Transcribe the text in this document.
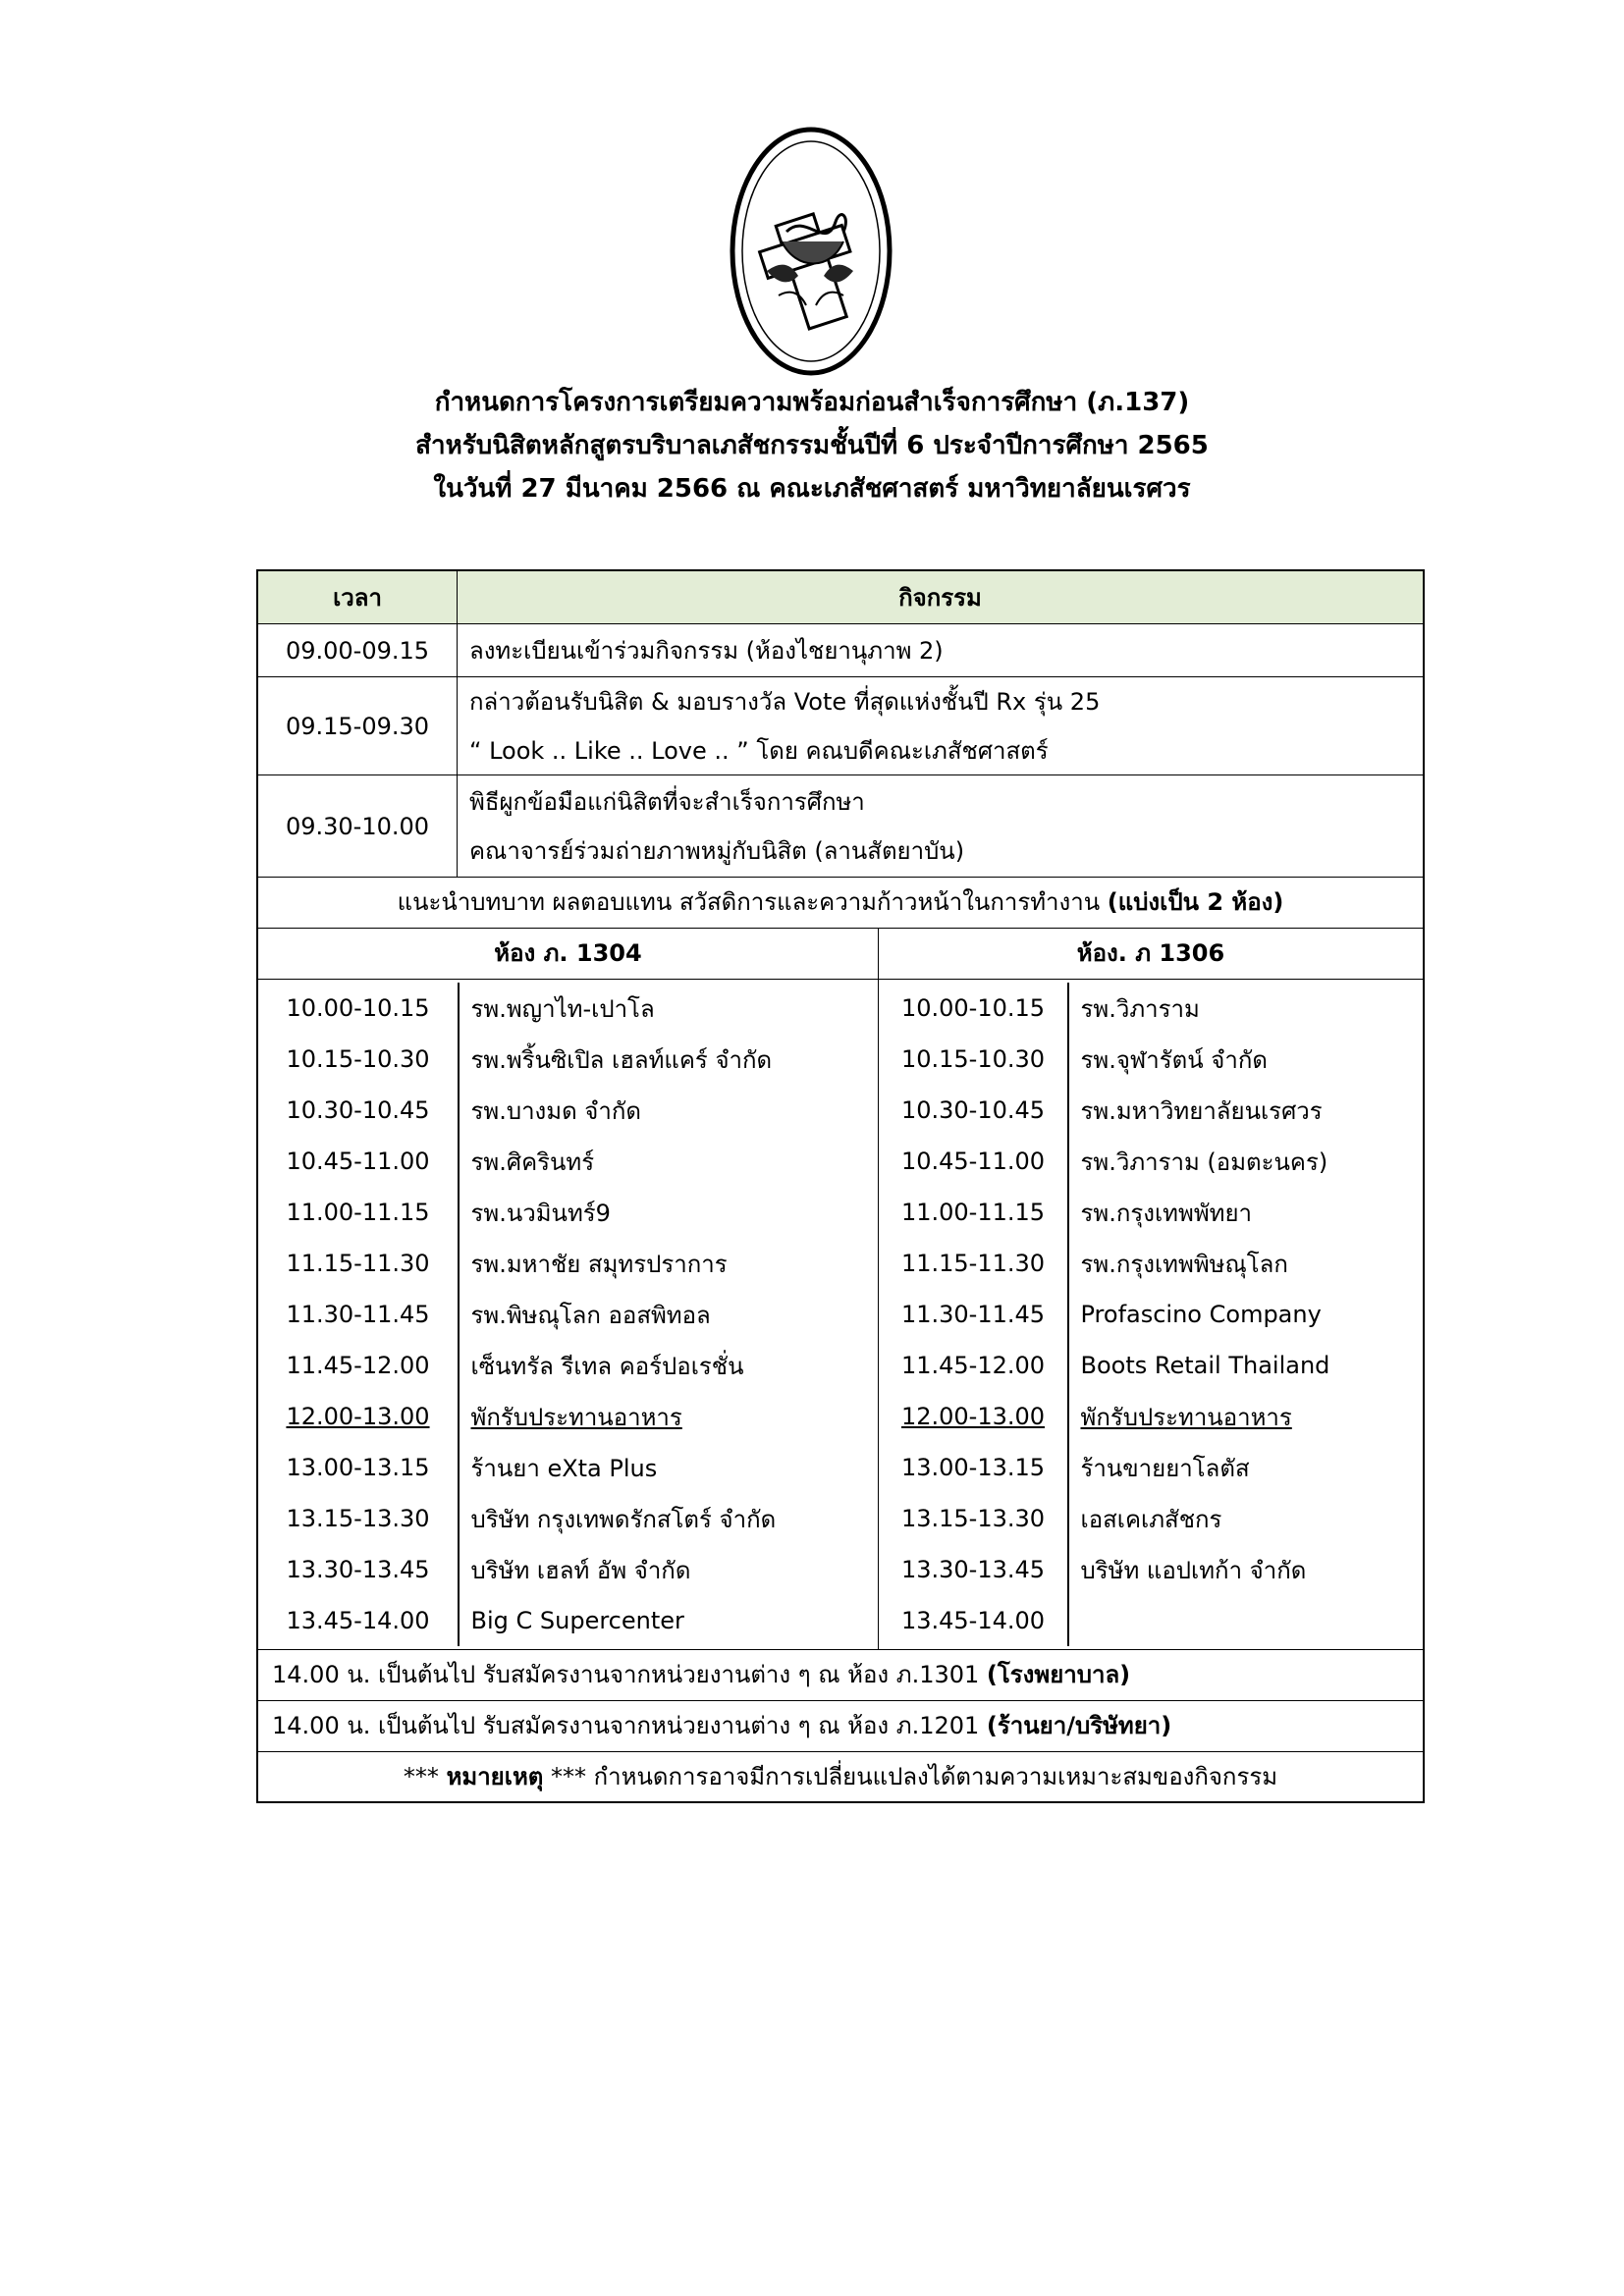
กำหนดการโครงการเตรียมความพร้อมก่อนสำเร็จการศึกษา (ภ.137)
สำหรับนิสิตหลักสูตรบริบาลเภสัชกรรมชั้นปีที่ 6 ประจำปีการศึกษา 2565
ในวันที่ 27 มีนาคม 2566 ณ คณะเภสัชศาสตร์ มหาวิทยาลัยนเรศวร
เวลา	กิจกรรม
09.00-09.15	ลงทะเบียนเข้าร่วมกิจกรรม (ห้องไชยานุภาพ 2)
09.15-09.30
กล่าวต้อนรับนิสิต & มอบรางวัล Vote ที่สุดแห่งชั้นปี Rx รุ่น 25
“ Look .. Like .. Love .. ” โดย คณบดีคณะเภสัชศาสตร์
09.30-10.00
พิธีผูกข้อมือแก่นิสิตที่จะสำเร็จการศึกษา
คณาจารย์ร่วมถ่ายภาพหมู่กับนิสิต (ลานสัตยาบัน)
แนะนำบทบาท ผลตอบแทน สวัสดิการและความก้าวหน้าในการทำงาน (แบ่งเป็น 2 ห้อง)
ห้อง ภ. 1304	ห้อง. ภ 1306
10.00-10.15	รพ.พญาไท-เปาโล
10.15-10.30	รพ.พริ้นซิเปิล เฮลท์แคร์ จำกัด
10.30-10.45	รพ.บางมด จำกัด
10.45-11.00	รพ.ศิครินทร์
11.00-11.15	รพ.นวมินทร์9
11.15-11.30	รพ.มหาชัย สมุทรปราการ
11.30-11.45	รพ.พิษณุโลก ออสพิทอล
11.45-12.00	เซ็นทรัล รีเทล คอร์ปอเรชั่น
12.00-13.00	พักรับประทานอาหาร
13.00-13.15	ร้านยา eXta Plus
13.15-13.30	บริษัท กรุงเทพดรักสโตร์ จำกัด
13.30-13.45	บริษัท เฮลท์ อัพ จำกัด
13.45-14.00	Big C Supercenter
10.00-10.15	รพ.วิภาราม
10.15-10.30	รพ.จุฬารัตน์ จำกัด
10.30-10.45	รพ.มหาวิทยาลัยนเรศวร
10.45-11.00	รพ.วิภาราม (อมตะนคร)
11.00-11.15	รพ.กรุงเทพพัทยา
11.15-11.30	รพ.กรุงเทพพิษณุโลก
11.30-11.45	Profascino Company
11.45-12.00	Boots Retail Thailand
12.00-13.00	พักรับประทานอาหาร
13.00-13.15	ร้านขายยาโลตัส
13.15-13.30	เอสเคเภสัชกร
13.30-13.45	บริษัท แอปเทก้า จำกัด
13.45-14.00
14.00 น. เป็นต้นไป รับสมัครงานจากหน่วยงานต่าง ๆ ณ ห้อง ภ.1301 (โรงพยาบาล)
14.00 น. เป็นต้นไป รับสมัครงานจากหน่วยงานต่าง ๆ ณ ห้อง ภ.1201 (ร้านยา/บริษัทยา)
*** หมายเหตุ *** กำหนดการอาจมีการเปลี่ยนแปลงได้ตามความเหมาะสมของกิจกรรม
